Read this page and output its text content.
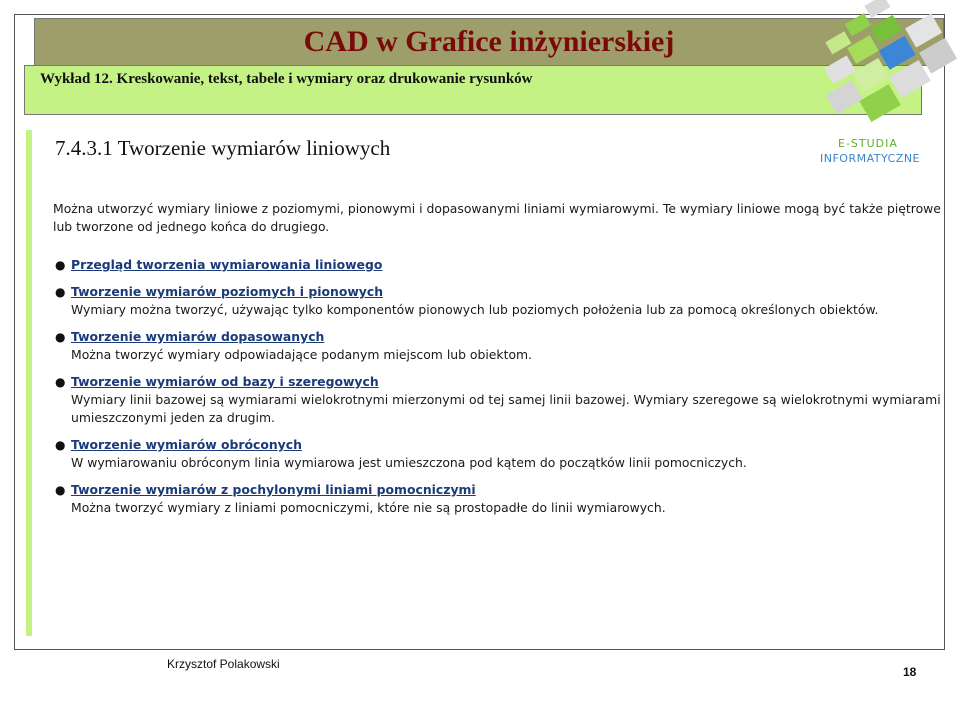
CAD w Grafice inżynierskiej
Wykład 12. Kreskowanie, tekst, tabele i wymiary oraz drukowanie rysunków
E-STUDIA
INFORMATYCZNE
7.4.3.1 Tworzenie wymiarów liniowych

Można utworzyć wymiary liniowe z poziomymi, pionowymi i dopasowanymi liniami wymiarowymi. Te wymiary liniowe mogą być także piętrowe lub tworzone od jednego końca do drugiego.

● Przegląd tworzenia wymiarowania liniowego
● Tworzenie wymiarów poziomych i pionowych
Wymiary można tworzyć, używając tylko komponentów pionowych lub poziomych położenia lub za pomocą określonych obiektów.
● Tworzenie wymiarów dopasowanych
Można tworzyć wymiary odpowiadające podanym miejscom lub obiektom.
● Tworzenie wymiarów od bazy i szeregowych
Wymiary linii bazowej są wymiarami wielokrotnymi mierzonymi od tej samej linii bazowej. Wymiary szeregowe są wielokrotnymi wymiarami umieszczonymi jeden za drugim.
● Tworzenie wymiarów obróconych
W wymiarowaniu obróconym linia wymiarowa jest umieszczona pod kątem do początków linii pomocniczych.
● Tworzenie wymiarów z pochylonymi liniami pomocniczymi
Można tworzyć wymiary z liniami pomocniczymi, które nie są prostopadłe do linii wymiarowych.
Krzysztof Polakowski
18
